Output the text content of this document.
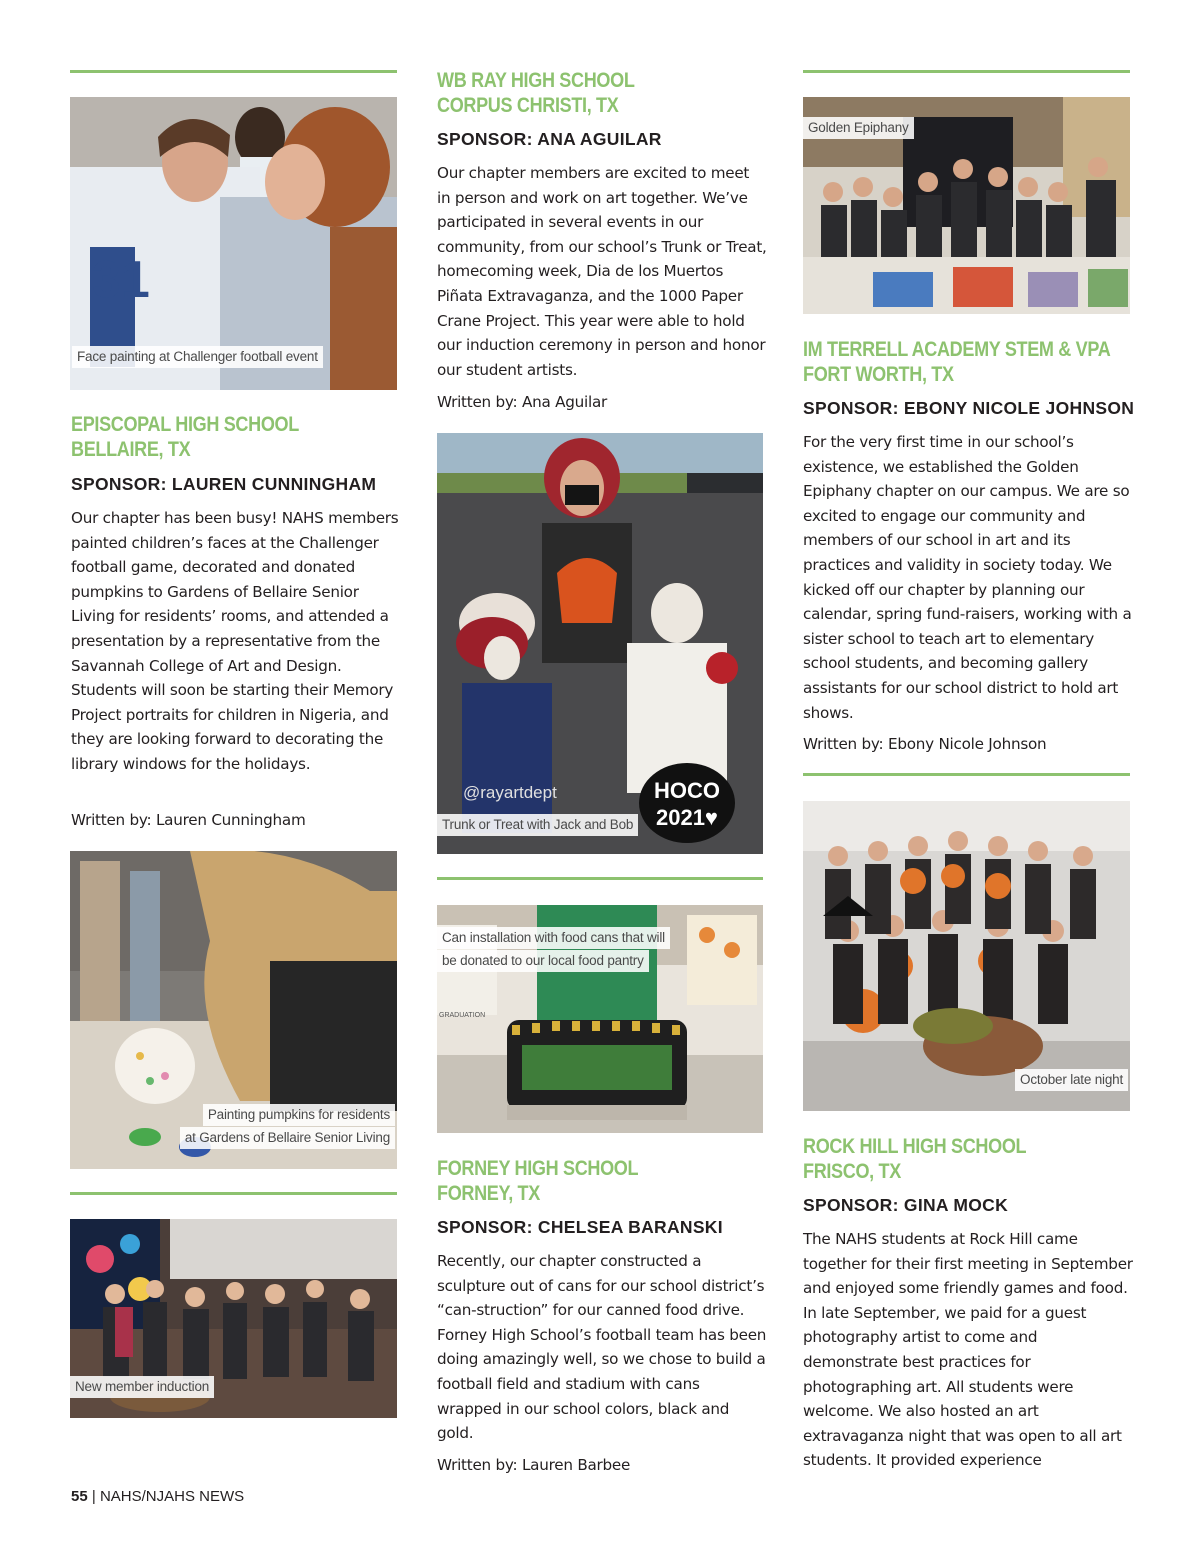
31
Face painting at Challenger football event
EPISCOPAL HIGH SCHOOL
BELLAIRE, TX
SPONSOR: LAUREN CUNNINGHAM
Our chapter has been busy! NAHS members painted children’s faces at the Challenger football game, decorated and donated pumpkins to Gardens of Bellaire Senior Living for residents’ rooms, and attended a presentation by a representative from the Savannah College of Art and Design. Students will soon be starting their Memory Project portraits for children in Nigeria, and they are looking forward to decorating the library windows for the holidays.
Written by: Lauren Cunningham
Painting pumpkins for residents
at Gardens of Bellaire Senior Living
New member induction
WB RAY HIGH SCHOOL
CORPUS CHRISTI, TX
SPONSOR: ANA AGUILAR
Our chapter members are excited to meet in person and work on art together. We’ve participated in several events in our community, from our school’s Trunk or Treat, homecoming week, Dia de los Muertos Piñata Extravaganza, and the 1000 Paper Crane Project. This year were able to hold our induction ceremony in person and honor our student artists.
Written by: Ana Aguilar
HOCO
2021♥
@rayartdept
Trunk or Treat with Jack and Bob
GRADUATION
Can installation with food cans that will
be donated to our local food pantry
FORNEY HIGH SCHOOL
FORNEY, TX
SPONSOR: CHELSEA BARANSKI
Recently, our chapter constructed a sculpture out of cans for our school district’s “can-struction” for our canned food drive. Forney High School’s football team has been doing amazingly well, so we chose to build a football field and stadium with cans wrapped in our school colors, black and gold.
Written by: Lauren Barbee
Golden Epiphany
IM TERRELL ACADEMY STEM & VPA
FORT WORTH, TX
SPONSOR: EBONY NICOLE JOHNSON
For the very first time in our school’s existence, we established the Golden Epiphany chapter on our campus. We are so excited to engage our community and members of our school in art and its practices and validity in society today. We kicked off our chapter by planning our calendar, spring fund-raisers, working with a sister school to teach art to elementary school students, and becoming gallery assistants for our school district to hold art shows.
Written by: Ebony Nicole Johnson
October late night
ROCK HILL HIGH SCHOOL
FRISCO, TX
SPONSOR: GINA MOCK
The NAHS students at Rock Hill came together for their first meeting in September and enjoyed some friendly games and food. In late September, we paid for a guest photography artist to come and demonstrate best practices for photographing art. All students were welcome. We also hosted an art extravaganza night that was open to all art students. It provided experience
55 | NAHS/NJAHS NEWS
